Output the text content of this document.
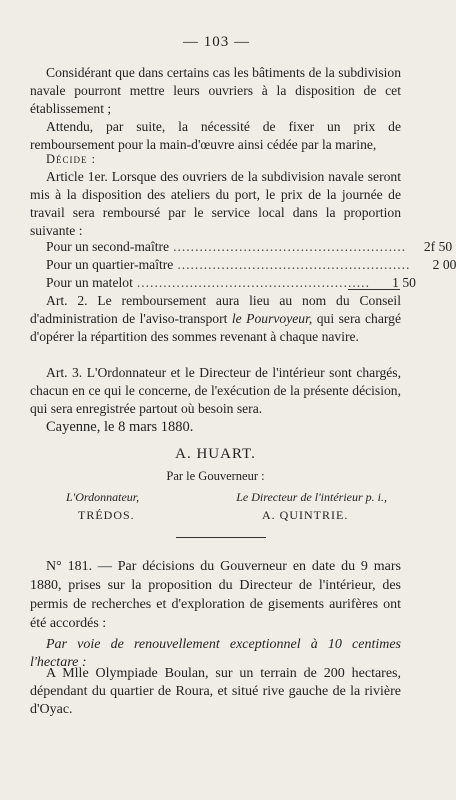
— 103 —
Considérant que dans certains cas les bâtiments de la subdivision navale pourront mettre leurs ouvriers à la disposition de cet établissement ;
Attendu, par suite, la nécessité de fixer un prix de remboursement pour la main-d'œuvre ainsi cédée par la marine,
Décide :
Article 1er. Lorsque des ouvriers de la subdivision navale seront mis à la disposition des ateliers du port, le prix de la journée de travail sera remboursé par le service local dans la proportion suivante :
Pour un second-maître .....................................................	2f 50
Pour un quartier-maître .....................................................	2 00
Pour un matelot .....................................................	1 50
Art. 2. Le remboursement aura lieu au nom du Conseil d'administration de l'aviso-transport le Pourvoyeur, qui sera chargé d'opérer la répartition des sommes revenant à chaque navire.
Art. 3. L'Ordonnateur et le Directeur de l'intérieur sont chargés, chacun en ce qui le concerne, de l'exécution de la présente décision, qui sera enregistrée partout où besoin sera.
Cayenne, le 8 mars 1880.
A. HUART.
Par le Gouverneur :
L'Ordonnateur,	Le Directeur de l'intérieur p. i.,
TRÉDOS.	A. QUINTRIE.
N° 181. — Par décisions du Gouverneur en date du 9 mars 1880, prises sur la proposition du Directeur de l'intérieur, des permis de recherches et d'exploration de gisements aurifères ont été accordés :
Par voie de renouvellement exceptionnel à 10 centimes l'hectare :
A Mlle Olympiade Boulan, sur un terrain de 200 hectares, dépendant du quartier de Roura, et situé rive gauche de la rivière d'Oyac.
